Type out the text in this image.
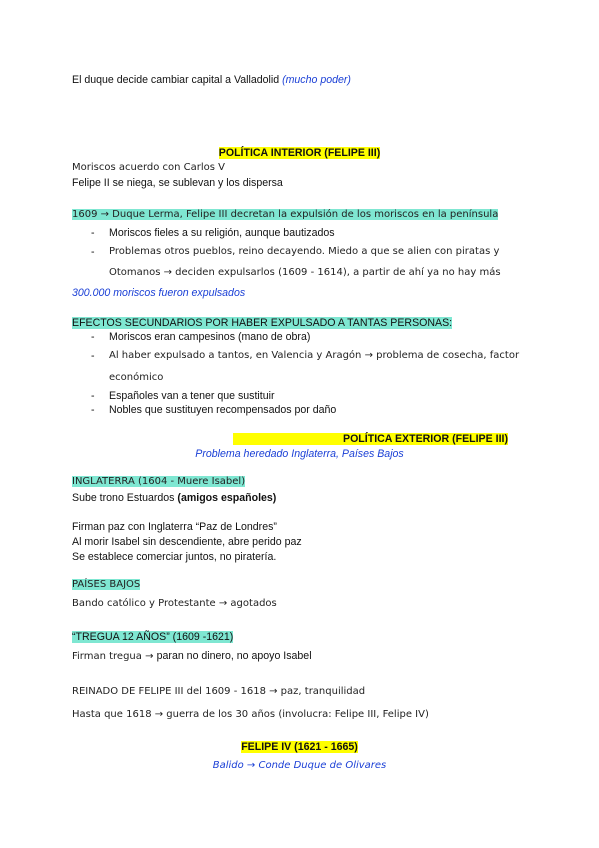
El duque decide cambiar capital a Valladolid (mucho poder)
POLÍTICA INTERIOR (FELIPE III)
Moriscos acuerdo con Carlos V
Felipe II se niega, se sublevan y los dispersa
1609 → Duque Lerma, Felipe III decretan la expulsión de los moriscos en la península
- Moriscos fieles a su religión, aunque bautizados
- Problemas otros pueblos, reino decayendo. Miedo a que se alien con piratas y
Otomanos → deciden expulsarlos (1609 - 1614), a partir de ahí ya no hay más
300.000 moriscos fueron expulsados
EFECTOS SECUNDARIOS POR HABER EXPULSADO A TANTAS PERSONAS:
- Moriscos eran campesinos (mano de obra)
- Al haber expulsado a tantos, en Valencia y Aragón → problema de cosecha, factor
económico
- Españoles van a tener que sustituir
- Nobles que sustituyen recompensados por daño
POLÍTICA EXTERIOR (FELIPE III)
Problema heredado Inglaterra, Países Bajos
INGLATERRA (1604 - Muere Isabel)
Sube trono Estuardos (amigos españoles)
Firman paz con Inglaterra “Paz de Londres”
Al morir Isabel sin descendiente, abre perido paz
Se establece comerciar juntos, no piratería.
PAÍSES BAJOS
Bando católico y Protestante → agotados
“TREGUA 12 AÑOS” (1609 -1621)
Firman tregua → paran no dinero, no apoyo Isabel
REINADO DE FELIPE III del 1609 - 1618 → paz, tranquilidad
Hasta que 1618 → guerra de los 30 años (involucra: Felipe III, Felipe IV)
FELIPE IV (1621 - 1665)
Balido → Conde Duque de Olivares
